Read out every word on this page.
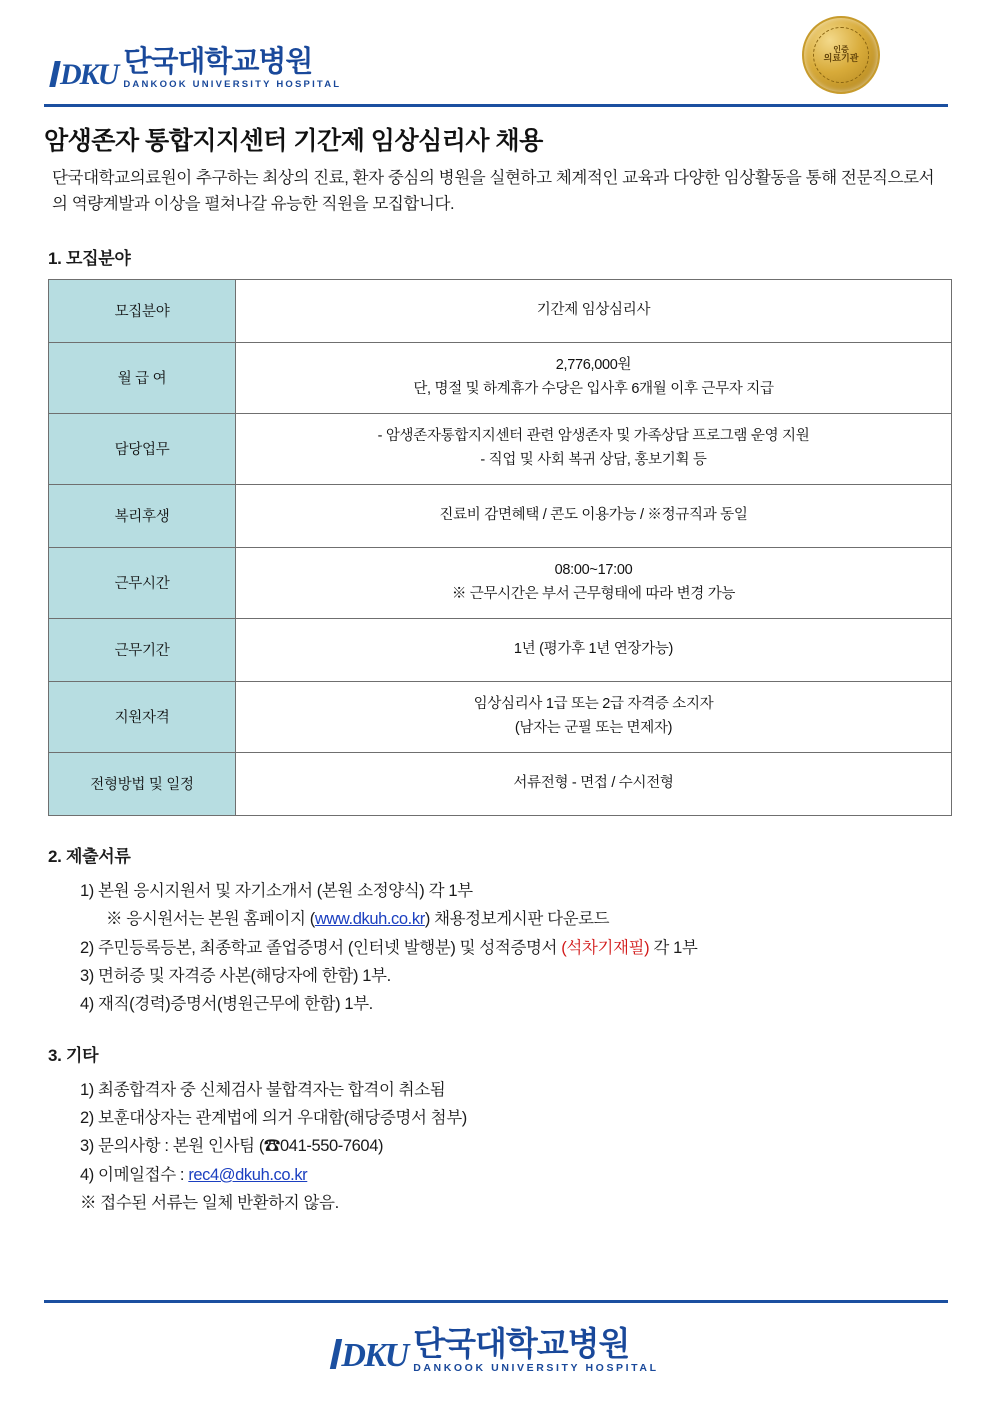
DKU 단국대학교병원
DANKOOK UNIVERSITY HOSPITAL
인증
의료기관
암생존자 통합지지센터 기간제 임상심리사 채용

단국대학교의료원이 추구하는 최상의 진료, 환자 중심의 병원을 실현하고 체계적인 교육과 다양한 임상활동을 통해 전문직으로서의 역량계발과 이상을 펼쳐나갈 유능한 직원을 모집합니다.

1. 모집분야
모집분야	기간제 임상심리사
월 급 여	2,776,000원
단, 명절 및 하계휴가 수당은 입사후 6개월 이후 근무자 지급
담당업무	- 암생존자통합지지센터 관련 암생존자 및 가족상담 프로그램 운영 지원
- 직업 및 사회 복귀 상담, 홍보기획 등
복리후생	진료비 감면혜택 / 콘도 이용가능 / ※정규직과 동일
근무시간	08:00~17:00
※ 근무시간은 부서 근무형태에 따라 변경 가능
근무기간	1년 (평가후 1년 연장가능)
지원자격	임상심리사 1급 또는 2급 자격증 소지자
(남자는 군필 또는 면제자)
전형방법 및 일정	서류전형 - 면접 / 수시전형
2. 제출서류
1) 본원 응시지원서 및 자기소개서 (본원 소정양식) 각 1부
※ 응시원서는 본원 홈페이지 (www.dkuh.co.kr) 채용정보게시판 다운로드
2) 주민등록등본, 최종학교 졸업증명서 (인터넷 발행분) 및 성적증명서 (석차기재필) 각 1부
3) 면허증 및 자격증 사본(해당자에 한함) 1부.
4) 재직(경력)증명서(병원근무에 한함) 1부.
3. 기타
1) 최종합격자 중 신체검사 불합격자는 합격이 취소됨
2) 보훈대상자는 관계법에 의거 우대함(해당증명서 첨부)
3) 문의사항 : 본원 인사팀 (☎041-550-7604)
4) 이메일접수 : rec4@dkuh.co.kr
※ 접수된 서류는 일체 반환하지 않음.
DKU 단국대학교병원
DANKOOK UNIVERSITY HOSPITAL
